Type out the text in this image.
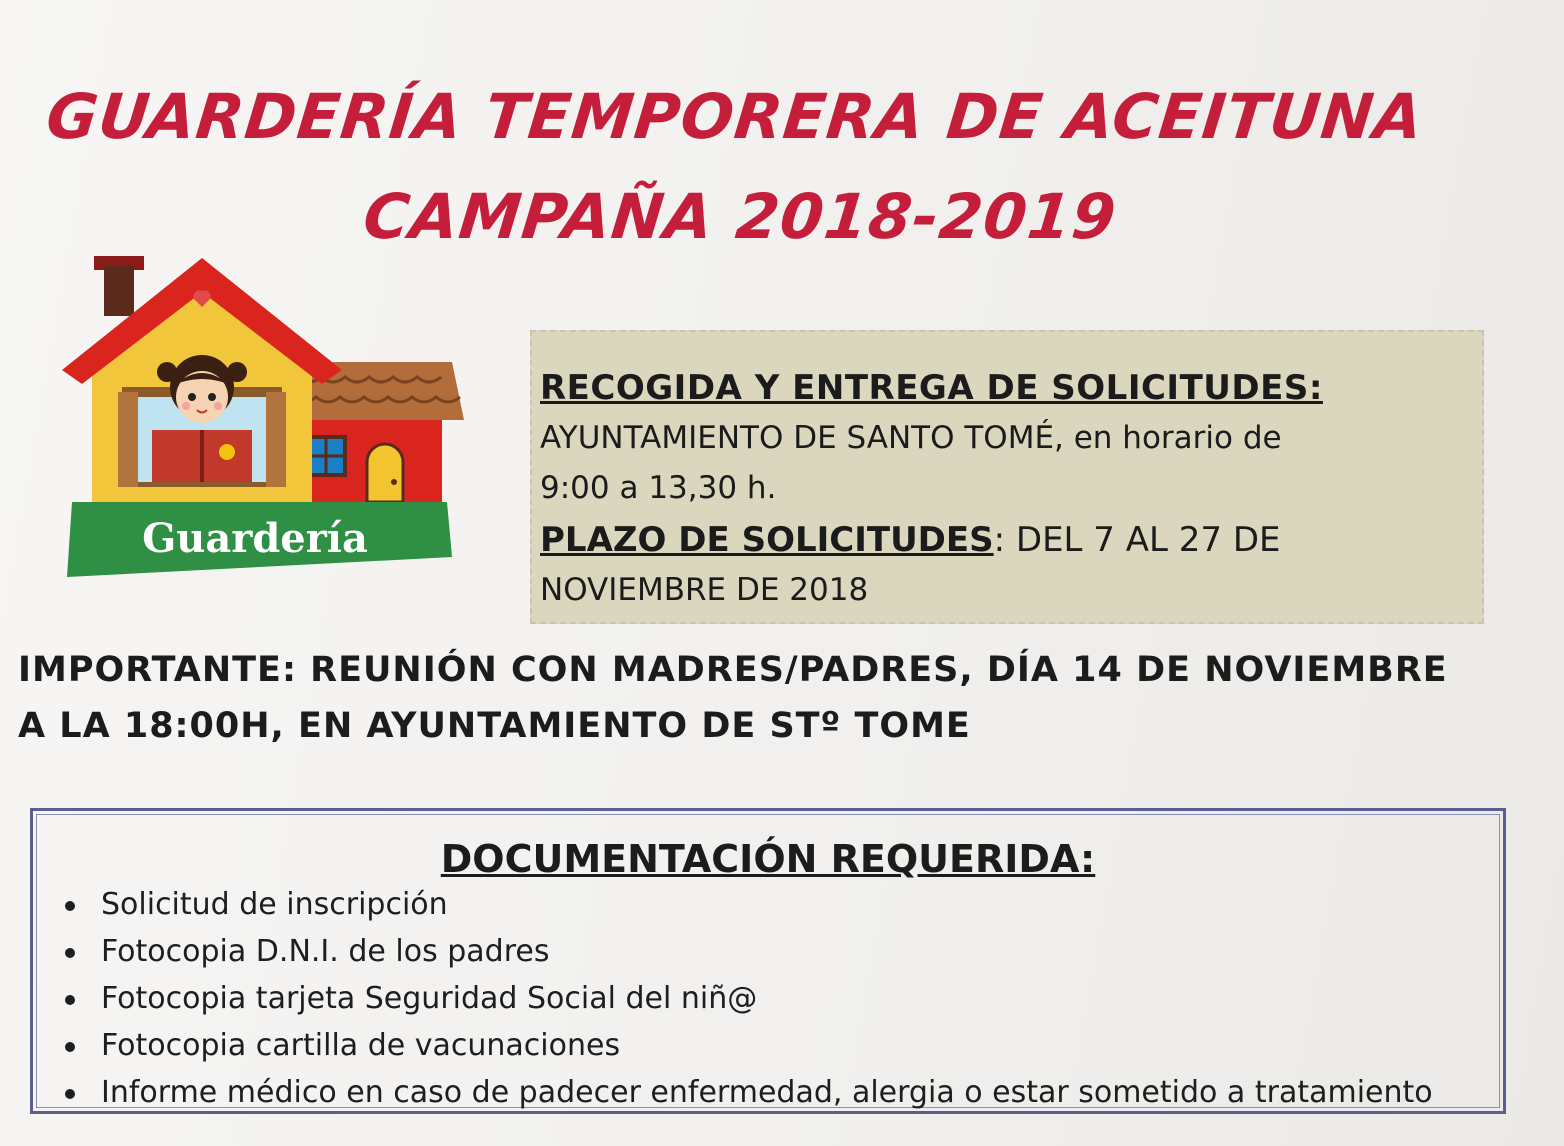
GUARDERÍA TEMPORERA DE ACEITUNA
CAMPAÑA 2018-2019
Guardería
RECOGIDA Y ENTREGA DE SOLICITUDES:
AYUNTAMIENTO DE SANTO TOMÉ, en horario de
9:00 a 13,30 h.
PLAZO DE SOLICITUDES: DEL 7 AL 27 DE
NOVIEMBRE DE 2018
IMPORTANTE: REUNIÓN CON MADRES/PADRES, DÍA 14 DE NOVIEMBRE
A LA 18:00H, EN AYUNTAMIENTO DE STº TOME
DOCUMENTACIÓN REQUERIDA:
Solicitud de inscripción
Fotocopia D.N.I. de los padres
Fotocopia tarjeta Seguridad Social del niñ@
Fotocopia cartilla de vacunaciones
Informe médico en caso de padecer enfermedad, alergia o estar sometido a tratamiento
